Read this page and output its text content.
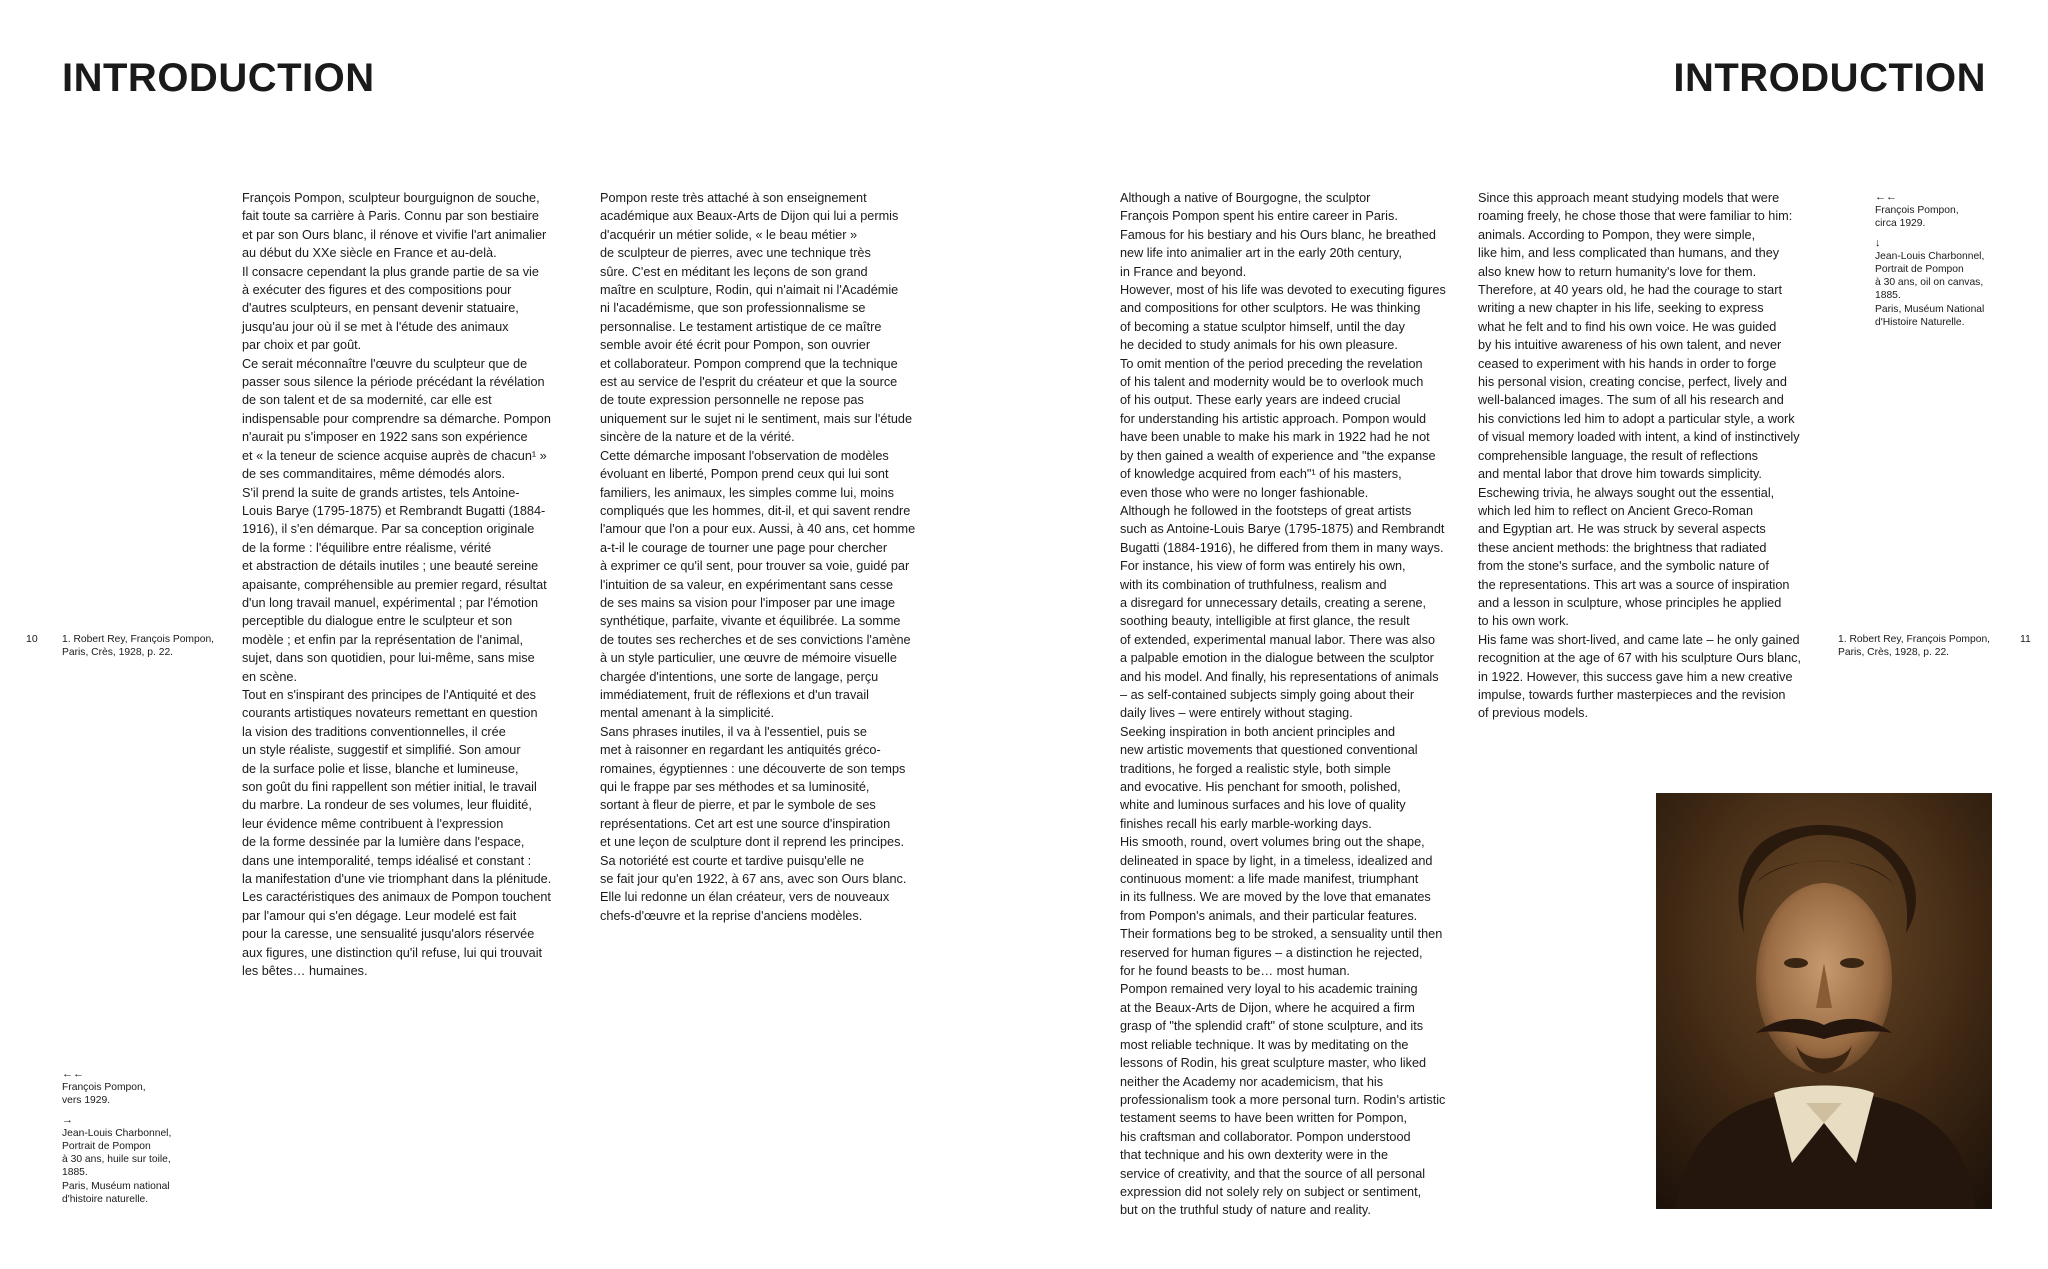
INTRODUCTION	INTRODUCTION
10 1. Robert Rey, François Pompon, Paris, Crès, 1928, p. 22.
←←
François Pompon,
vers 1929.
→
Jean-Louis Charbonnel,
Portrait de Pompon
à 30 ans, huile sur toile,
1885.
Paris, Muséum national
d'histoire naturelle.

François Pompon, sculpteur bourguignon de souche,
fait toute sa carrière à Paris. Connu par son bestiaire
et par son Ours blanc, il rénove et vivifie l'art animalier
au début du XXe siècle en France et au-delà.

Il consacre cependant la plus grande partie de sa vie
à exécuter des figures et des compositions pour
d'autres sculpteurs, en pensant devenir statuaire,
jusqu'au jour où il se met à l'étude des animaux
par choix et par goût.

Ce serait méconnaître l'œuvre du sculpteur que de
passer sous silence la période précédant la révélation
de son talent et de sa modernité, car elle est
indispensable pour comprendre sa démarche. Pompon
n'aurait pu s'imposer en 1922 sans son expérience
et « la teneur de science acquise auprès de chacun¹ »
de ses commanditaires, même démodés alors.

S'il prend la suite de grands artistes, tels Antoine-
Louis Barye (1795-1875) et Rembrandt Bugatti (1884-
1916), il s'en démarque. Par sa conception originale
de la forme : l'équilibre entre réalisme, vérité
et abstraction de détails inutiles ; une beauté sereine
apaisante, compréhensible au premier regard, résultat
d'un long travail manuel, expérimental ; par l'émotion
perceptible du dialogue entre le sculpteur et son
modèle ; et enfin par la représentation de l'animal,
sujet, dans son quotidien, pour lui-même, sans mise
en scène.

Tout en s'inspirant des principes de l'Antiquité et des
courants artistiques novateurs remettant en question
la vision des traditions conventionnelles, il crée
un style réaliste, suggestif et simplifié. Son amour
de la surface polie et lisse, blanche et lumineuse,
son goût du fini rappellent son métier initial, le travail
du marbre. La rondeur de ses volumes, leur fluidité,
leur évidence même contribuent à l'expression
de la forme dessinée par la lumière dans l'espace,
dans une intemporalité, temps idéalisé et constant :
la manifestation d'une vie triomphant dans la plénitude.

Les caractéristiques des animaux de Pompon touchent
par l'amour qui s'en dégage. Leur modelé est fait
pour la caresse, une sensualité jusqu'alors réservée
aux figures, une distinction qu'il refuse, lui qui trouvait
les bêtes… humaines.

Pompon reste très attaché à son enseignement
académique aux Beaux-Arts de Dijon qui lui a permis
d'acquérir un métier solide, « le beau métier »
de sculpteur de pierres, avec une technique très
sûre. C'est en méditant les leçons de son grand
maître en sculpture, Rodin, qui n'aimait ni l'Académie
ni l'académisme, que son professionnalisme se
personnalise. Le testament artistique de ce maître
semble avoir été écrit pour Pompon, son ouvrier
et collaborateur. Pompon comprend que la technique
est au service de l'esprit du créateur et que la source
de toute expression personnelle ne repose pas
uniquement sur le sujet ni le sentiment, mais sur l'étude
sincère de la nature et de la vérité.

Cette démarche imposant l'observation de modèles
évoluant en liberté, Pompon prend ceux qui lui sont
familiers, les animaux, les simples comme lui, moins
compliqués que les hommes, dit-il, et qui savent rendre
l'amour que l'on a pour eux. Aussi, à 40 ans, cet homme
a-t-il le courage de tourner une page pour chercher
à exprimer ce qu'il sent, pour trouver sa voie, guidé par
l'intuition de sa valeur, en expérimentant sans cesse
de ses mains sa vision pour l'imposer par une image
synthétique, parfaite, vivante et équilibrée. La somme
de toutes ses recherches et de ses convictions l'amène
à un style particulier, une œuvre de mémoire visuelle
chargée d'intentions, une sorte de langage, perçu
immédiatement, fruit de réflexions et d'un travail
mental amenant à la simplicité.

Sans phrases inutiles, il va à l'essentiel, puis se
met à raisonner en regardant les antiquités gréco-
romaines, égyptiennes : une découverte de son temps
qui le frappe par ses méthodes et sa luminosité,
sortant à fleur de pierre, et par le symbole de ses
représentations. Cet art est une source d'inspiration
et une leçon de sculpture dont il reprend les principes.

Sa notoriété est courte et tardive puisqu'elle ne
se fait jour qu'en 1922, à 67 ans, avec son Ours blanc.
Elle lui redonne un élan créateur, vers de nouveaux
chefs-d'œuvre et la reprise d'anciens modèles.

Although a native of Bourgogne, the sculptor
François Pompon spent his entire career in Paris.
Famous for his bestiary and his Ours blanc, he breathed
new life into animalier art in the early 20th century,
in France and beyond.

However, most of his life was devoted to executing figures
and compositions for other sculptors. He was thinking
of becoming a statue sculptor himself, until the day
he decided to study animals for his own pleasure.

To omit mention of the period preceding the revelation
of his talent and modernity would be to overlook much
of his output. These early years are indeed crucial
for understanding his artistic approach. Pompon would
have been unable to make his mark in 1922 had he not
by then gained a wealth of experience and "the expanse
of knowledge acquired from each"¹ of his masters,
even those who were no longer fashionable.

Although he followed in the footsteps of great artists
such as Antoine-Louis Barye (1795-1875) and Rembrandt
Bugatti (1884-1916), he differed from them in many ways.
For instance, his view of form was entirely his own,
with its combination of truthfulness, realism and
a disregard for unnecessary details, creating a serene,
soothing beauty, intelligible at first glance, the result
of extended, experimental manual labor. There was also
a palpable emotion in the dialogue between the sculptor
and his model. And finally, his representations of animals
– as self-contained subjects simply going about their
daily lives – were entirely without staging.

Seeking inspiration in both ancient principles and
new artistic movements that questioned conventional
traditions, he forged a realistic style, both simple
and evocative. His penchant for smooth, polished,
white and luminous surfaces and his love of quality
finishes recall his early marble-working days.

His smooth, round, overt volumes bring out the shape,
delineated in space by light, in a timeless, idealized and
continuous moment: a life made manifest, triumphant
in its fullness. We are moved by the love that emanates
from Pompon's animals, and their particular features.
Their formations beg to be stroked, a sensuality until then
reserved for human figures – a distinction he rejected,
for he found beasts to be… most human.

Pompon remained very loyal to his academic training
at the Beaux-Arts de Dijon, where he acquired a firm
grasp of "the splendid craft" of stone sculpture, and its
most reliable technique. It was by meditating on the
lessons of Rodin, his great sculpture master, who liked
neither the Academy nor academicism, that his
professionalism took a more personal turn. Rodin's artistic
testament seems to have been written for Pompon,
his craftsman and collaborator. Pompon understood
that technique and his own dexterity were in the
service of creativity, and that the source of all personal
expression did not solely rely on subject or sentiment,
but on the truthful study of nature and reality.

Since this approach meant studying models that were
roaming freely, he chose those that were familiar to him:
animals. According to Pompon, they were simple,
like him, and less complicated than humans, and they
also knew how to return humanity's love for them.
Therefore, at 40 years old, he had the courage to start
writing a new chapter in his life, seeking to express
what he felt and to find his own voice. He was guided
by his intuitive awareness of his own talent, and never
ceased to experiment with his hands in order to forge
his personal vision, creating concise, perfect, lively and
well-balanced images. The sum of all his research and
his convictions led him to adopt a particular style, a work
of visual memory loaded with intent, a kind of instinctively
comprehensible language, the result of reflections
and mental labor that drove him towards simplicity.
Eschewing trivia, he always sought out the essential,
which led him to reflect on Ancient Greco-Roman
and Egyptian art. He was struck by several aspects
these ancient methods: the brightness that radiated
from the stone's surface, and the symbolic nature of
the representations. This art was a source of inspiration
and a lesson in sculpture, whose principles he applied
to his own work.

His fame was short-lived, and came late – he only gained
recognition at the age of 67 with his sculpture Ours blanc,
in 1922. However, this success gave him a new creative
impulse, towards further masterpieces and the revision
of previous models.

←←
François Pompon,
circa 1929.
↓
Jean-Louis Charbonnel,
Portrait de Pompon
à 30 ans, oil on canvas,
1885.
Paris, Muséum National
d'Histoire Naturelle.
1. Robert Rey, François Pompon, Paris, Crès, 1928, p. 22.
11
